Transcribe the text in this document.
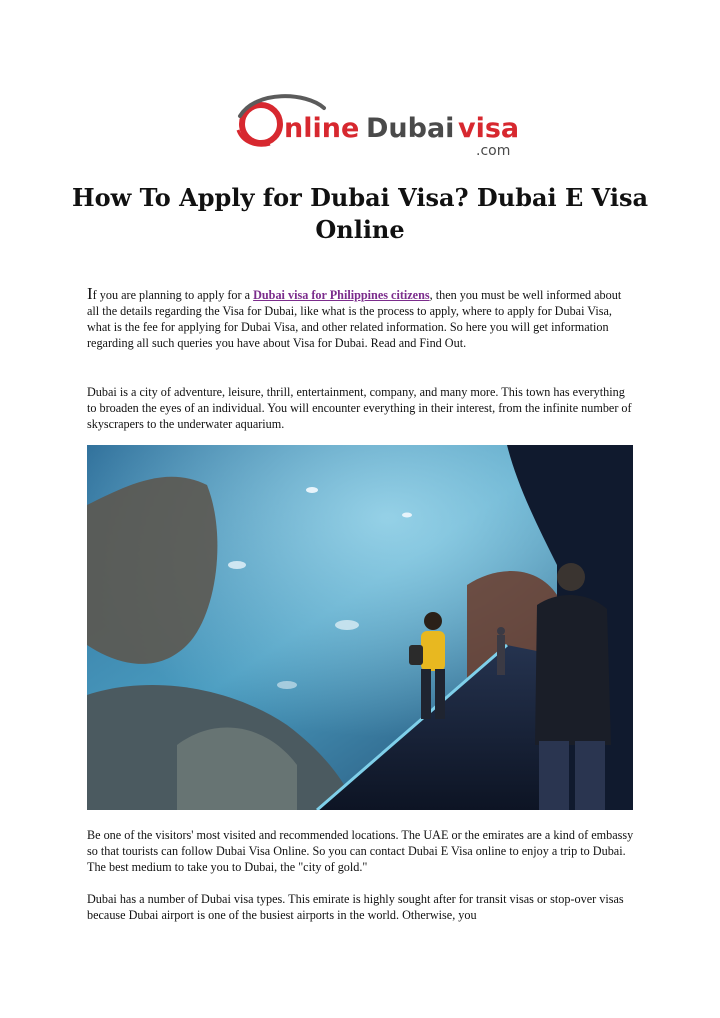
nline Dubai visa
.com
How To Apply for Dubai Visa? Dubai E Visa Online

If you are planning to apply for a Dubai visa for Philippines citizens, then you must be well informed about all the details regarding the Visa for Dubai, like what is the process to apply, where to apply for Dubai Visa, what is the fee for applying for Dubai Visa, and other related information. So here you will get information regarding all such queries you have about Visa for Dubai. Read and Find Out.

Dubai is a city of adventure, leisure, thrill, entertainment, company, and many more. This town has everything to broaden the eyes of an individual. You will encounter everything in their interest, from the infinite number of skyscrapers to the underwater aquarium.

Be one of the visitors' most visited and recommended locations. The UAE or the emirates are a kind of embassy so that tourists can follow Dubai Visa Online. So you can contact Dubai E Visa online to enjoy a trip to Dubai. The best medium to take you to Dubai, the "city of gold."

Dubai has a number of Dubai visa types. This emirate is highly sought after for transit visas or stop-over visas because Dubai airport is one of the busiest airports in the world. Otherwise, you
